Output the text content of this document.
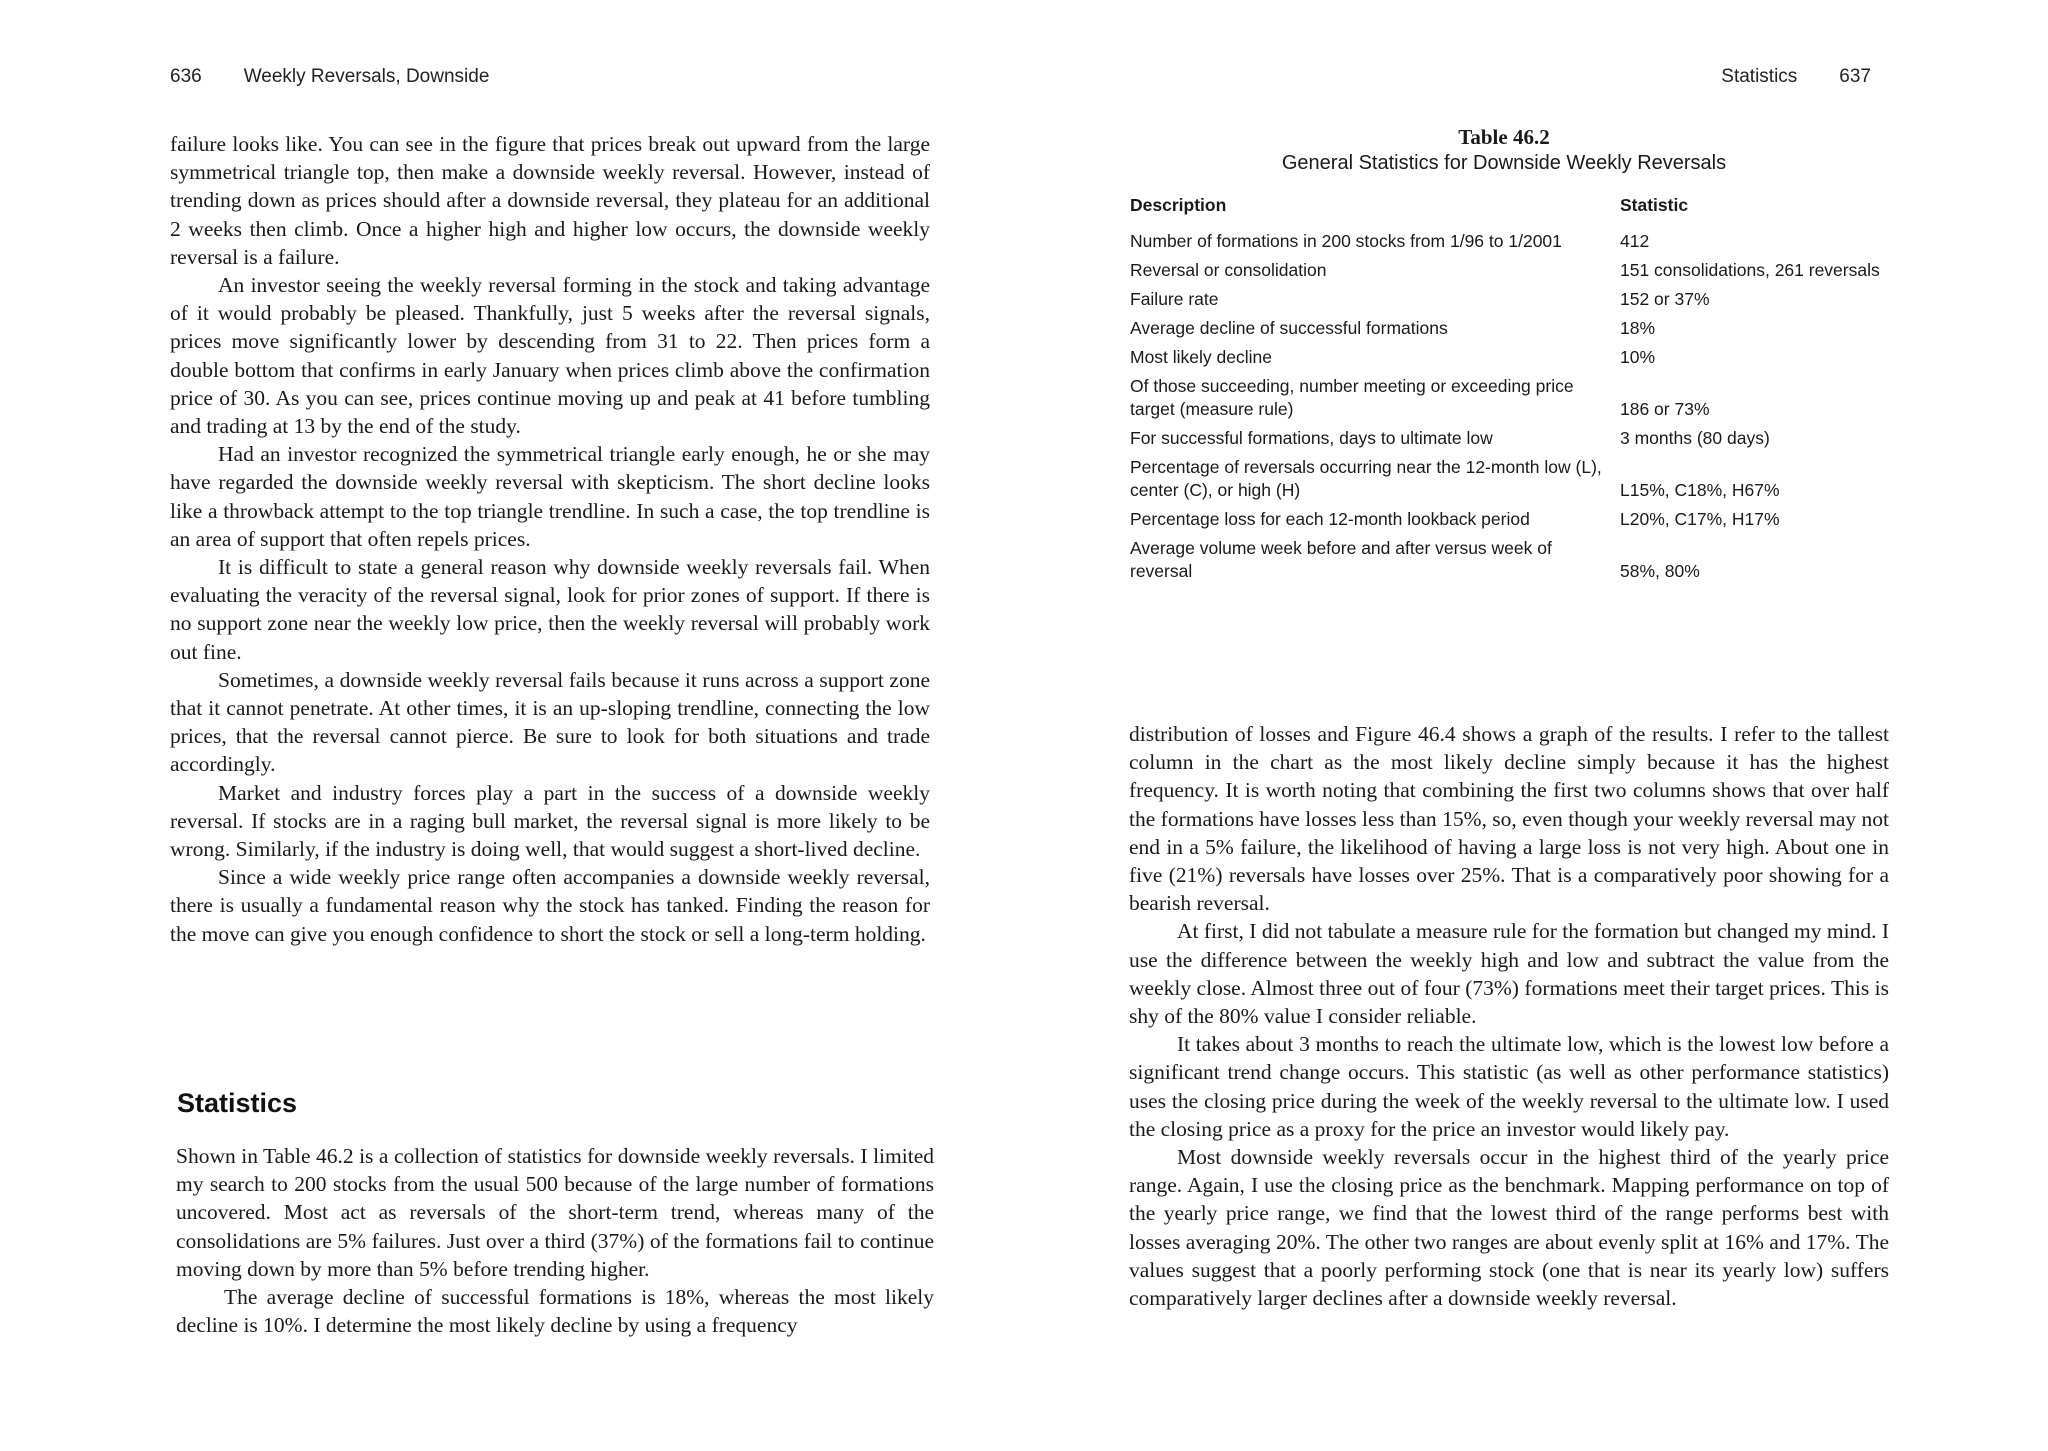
636 Weekly Reversals, Downside

failure looks like. You can see in the figure that prices break out upward from the large symmetrical triangle top, then make a downside weekly reversal. However, instead of trending down as prices should after a downside reversal, they plateau for an additional 2 weeks then climb. Once a higher high and higher low occurs, the downside weekly reversal is a failure.

An investor seeing the weekly reversal forming in the stock and taking advantage of it would probably be pleased. Thankfully, just 5 weeks after the reversal signals, prices move significantly lower by descending from 31 to 22. Then prices form a double bottom that confirms in early January when prices climb above the confirmation price of 30. As you can see, prices continue moving up and peak at 41 before tumbling and trading at 13 by the end of the study.

Had an investor recognized the symmetrical triangle early enough, he or she may have regarded the downside weekly reversal with skepticism. The short decline looks like a throwback attempt to the top triangle trendline. In such a case, the top trendline is an area of support that often repels prices.

It is difficult to state a general reason why downside weekly reversals fail. When evaluating the veracity of the reversal signal, look for prior zones of support. If there is no support zone near the weekly low price, then the weekly reversal will probably work out fine.

Sometimes, a downside weekly reversal fails because it runs across a support zone that it cannot penetrate. At other times, it is an up-sloping trendline, connecting the low prices, that the reversal cannot pierce. Be sure to look for both situations and trade accordingly.

Market and industry forces play a part in the success of a downside weekly reversal. If stocks are in a raging bull market, the reversal signal is more likely to be wrong. Similarly, if the industry is doing well, that would suggest a short-lived decline.

Since a wide weekly price range often accompanies a downside weekly reversal, there is usually a fundamental reason why the stock has tanked. Finding the reason for the move can give you enough confidence to short the stock or sell a long-term holding.

Statistics

Shown in Table 46.2 is a collection of statistics for downside weekly reversals. I limited my search to 200 stocks from the usual 500 because of the large number of formations uncovered. Most act as reversals of the short-term trend, whereas many of the consolidations are 5% failures. Just over a third (37%) of the formations fail to continue moving down by more than 5% before trending higher.

The average decline of successful formations is 18%, whereas the most likely decline is 10%. I determine the most likely decline by using a frequency

Statistics 637
Table 46.2
General Statistics for Downside Weekly Reversals
Description	Statistic
Number of formations in 200 stocks from 1/96 to 1/2001	412
Reversal or consolidation	151 consolidations, 261 reversals
Failure rate	152 or 37%
Average decline of successful formations	18%
Most likely decline	10%
Of those succeeding, number meeting or exceeding price target (measure rule)	186 or 73%
For successful formations, days to ultimate low	3 months (80 days)
Percentage of reversals occurring near the 12-month low (L), center (C), or high (H)	L15%, C18%, H67%
Percentage loss for each 12-month lookback period	L20%, C17%, H17%
Average volume week before and after versus week of reversal	58%, 80%

distribution of losses and Figure 46.4 shows a graph of the results. I refer to the tallest column in the chart as the most likely decline simply because it has the highest frequency. It is worth noting that combining the first two columns shows that over half the formations have losses less than 15%, so, even though your weekly reversal may not end in a 5% failure, the likelihood of having a large loss is not very high. About one in five (21%) reversals have losses over 25%. That is a comparatively poor showing for a bearish reversal.

At first, I did not tabulate a measure rule for the formation but changed my mind. I use the difference between the weekly high and low and subtract the value from the weekly close. Almost three out of four (73%) formations meet their target prices. This is shy of the 80% value I consider reliable.

It takes about 3 months to reach the ultimate low, which is the lowest low before a significant trend change occurs. This statistic (as well as other performance statistics) uses the closing price during the week of the weekly reversal to the ultimate low. I used the closing price as a proxy for the price an investor would likely pay.

Most downside weekly reversals occur in the highest third of the yearly price range. Again, I use the closing price as the benchmark. Mapping performance on top of the yearly price range, we find that the lowest third of the range performs best with losses averaging 20%. The other two ranges are about evenly split at 16% and 17%. The values suggest that a poorly performing stock (one that is near its yearly low) suffers comparatively larger declines after a downside weekly reversal.
